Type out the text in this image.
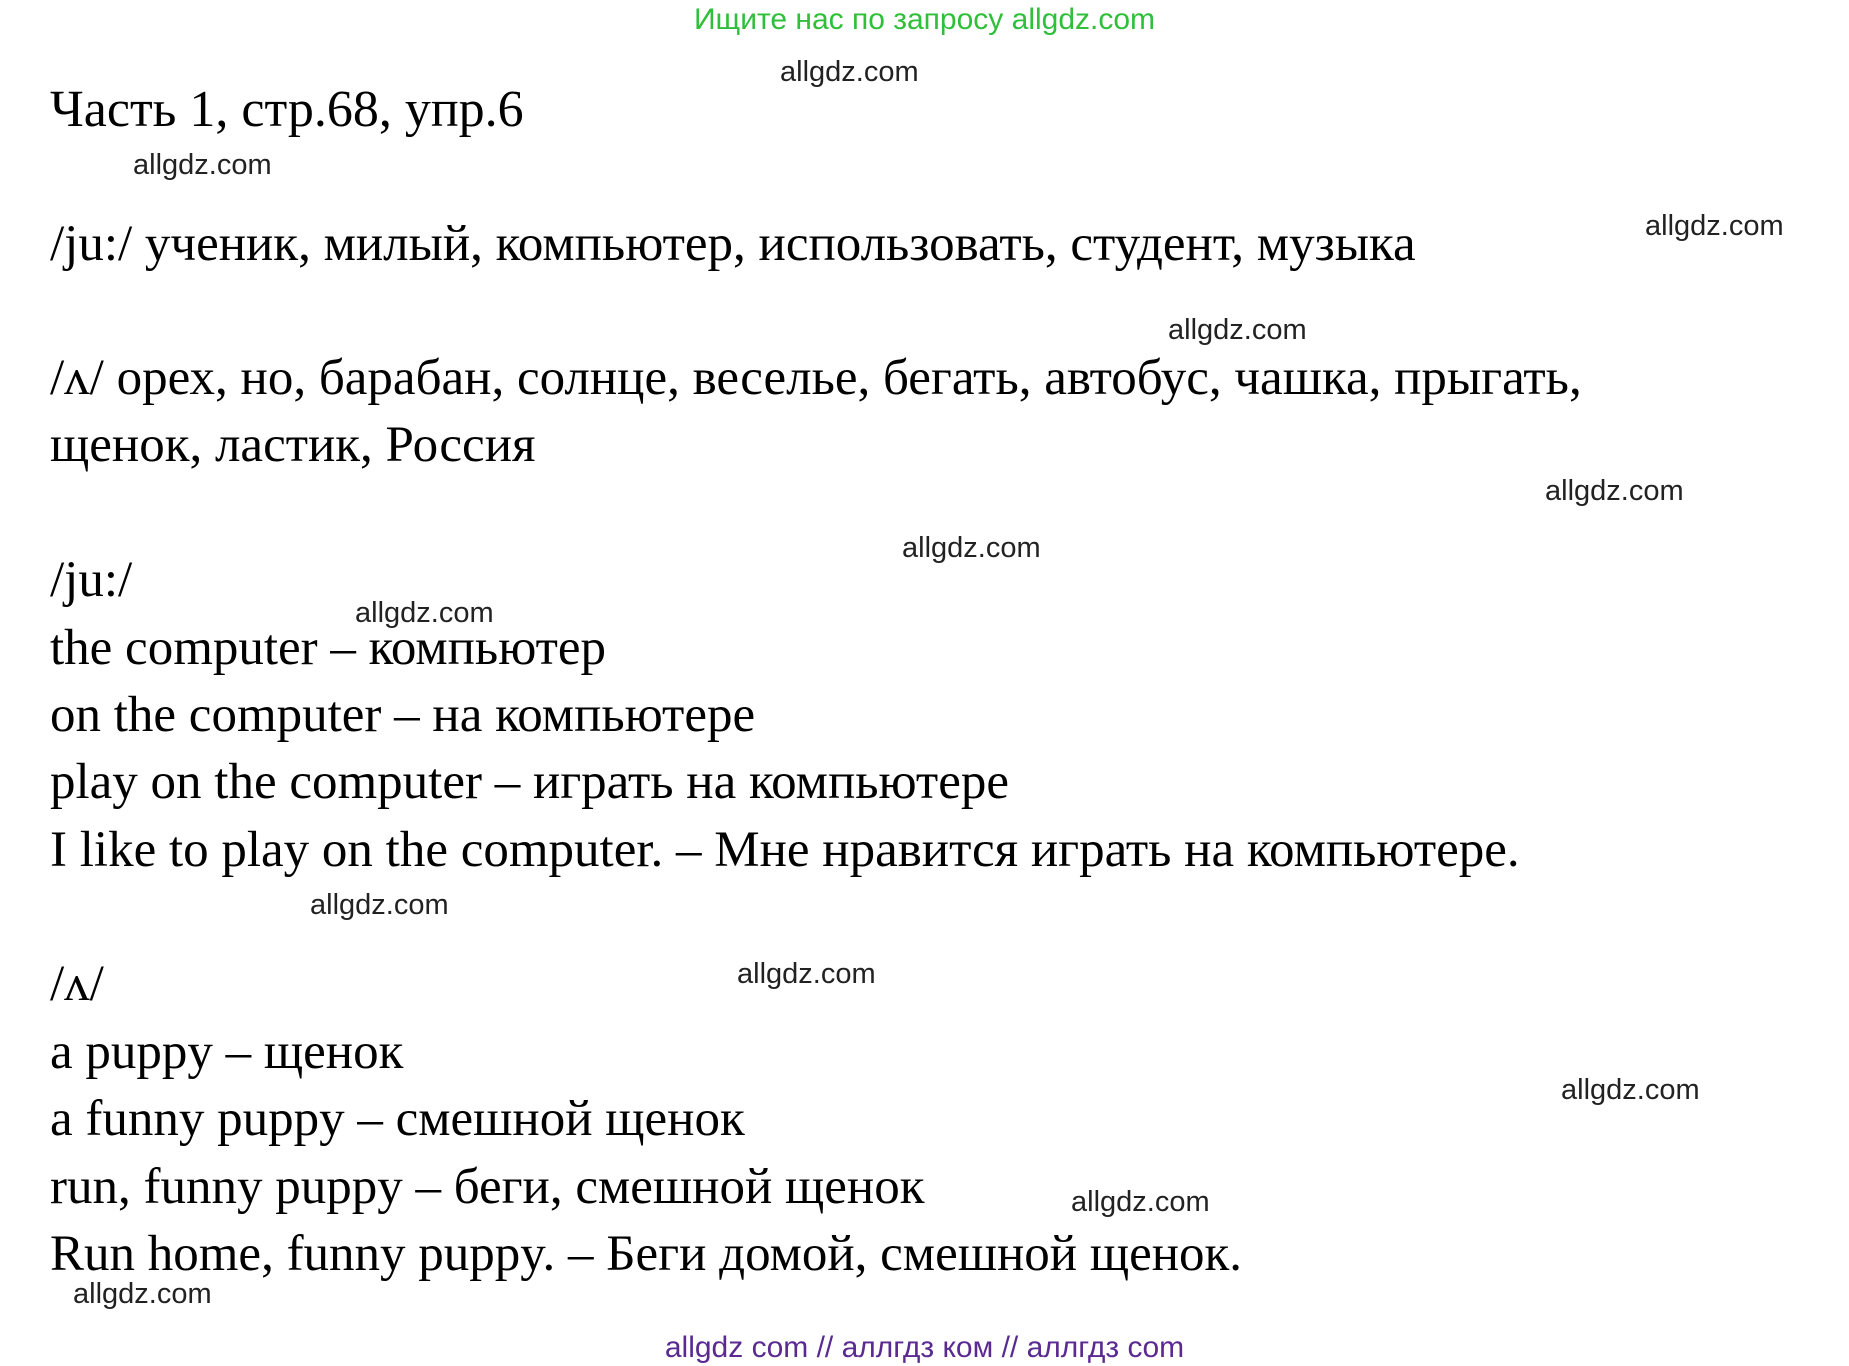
Ищите нас по запросу allgdz.com
Часть 1, стр.68, упр.6
/ju:/ ученик, милый, компьютер, использовать, студент, музыка
/ʌ/ орех, но, барабан, солнце, веселье, бегать, автобус, чашка, прыгать,
щенок, ластик, Россия
/ju:/
the computer – компьютер
on the computer – на компьютере
play on the computer – играть на компьютере
I like to play on the computer. – Мне нравится играть на компьютере.
/ʌ/
a puppy – щенок
a funny puppy – смешной щенок
run, funny puppy – беги, смешной щенок
Run home, funny puppy. – Беги домой, смешной щенок.
allgdz.com
allgdz.com
allgdz.com
allgdz.com
allgdz.com
allgdz.com
allgdz.com
allgdz.com
allgdz.com
allgdz.com
allgdz.com
allgdz.com
allgdz com // аллгдз ком // аллгдз com
